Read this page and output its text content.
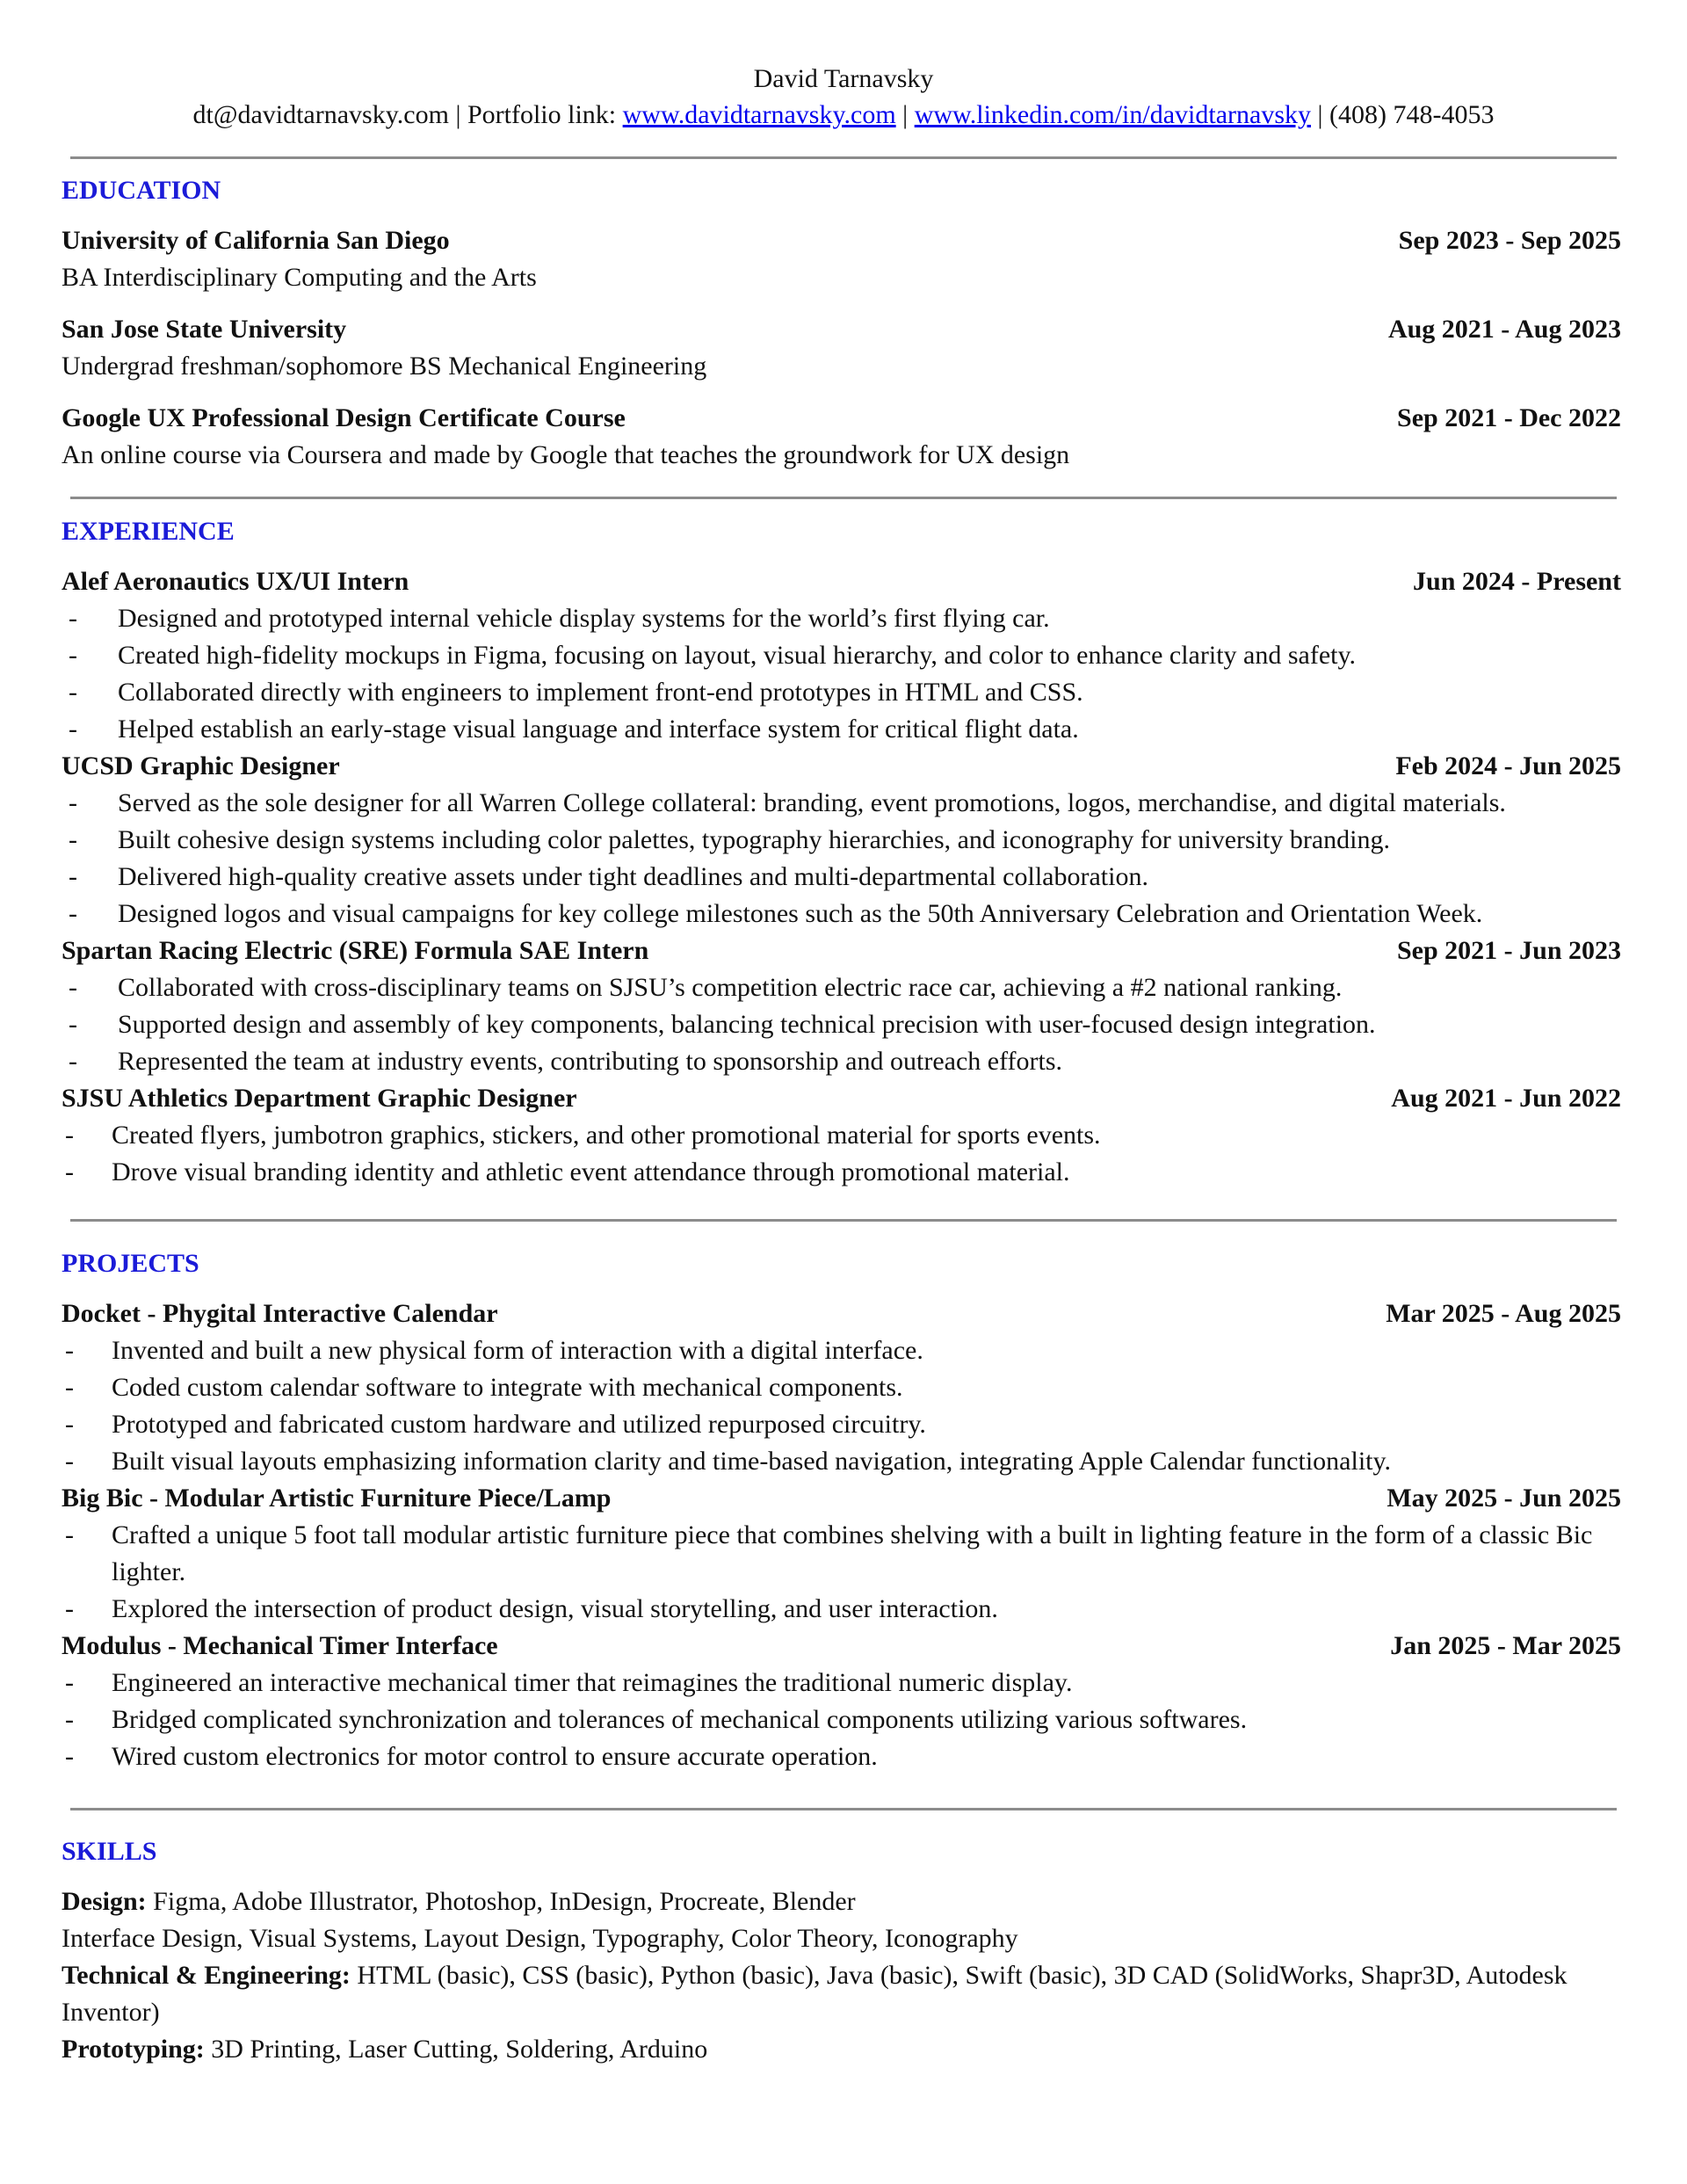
David Tarnavsky
dt@davidtarnavsky.com | Portfolio link: www.davidtarnavsky.com | www.linkedin.com/in/davidtarnavsky | (408) 748-4053
EDUCATION
University of California San Diego	Sep 2023 - Sep 2025
BA Interdisciplinary Computing and the Arts
San Jose State University	Aug 2021 - Aug 2023
Undergrad freshman/sophomore BS Mechanical Engineering
Google UX Professional Design Certificate Course	Sep 2021 - Dec 2022
An online course via Coursera and made by Google that teaches the groundwork for UX design
EXPERIENCE
Alef Aeronautics UX/UI Intern	Jun 2024 - Present
- Designed and prototyped internal vehicle display systems for the world’s first flying car.
- Created high-fidelity mockups in Figma, focusing on layout, visual hierarchy, and color to enhance clarity and safety.
- Collaborated directly with engineers to implement front-end prototypes in HTML and CSS.
- Helped establish an early-stage visual language and interface system for critical flight data.
UCSD Graphic Designer	Feb 2024 - Jun 2025
- Served as the sole designer for all Warren College collateral: branding, event promotions, logos, merchandise, and digital materials.
- Built cohesive design systems including color palettes, typography hierarchies, and iconography for university branding.
- Delivered high-quality creative assets under tight deadlines and multi-departmental collaboration.
- Designed logos and visual campaigns for key college milestones such as the 50th Anniversary Celebration and Orientation Week.
Spartan Racing Electric (SRE) Formula SAE Intern	Sep 2021 - Jun 2023
- Collaborated with cross-disciplinary teams on SJSU’s competition electric race car, achieving a #2 national ranking.
- Supported design and assembly of key components, balancing technical precision with user-focused design integration.
- Represented the team at industry events, contributing to sponsorship and outreach efforts.
SJSU Athletics Department Graphic Designer	Aug 2021 - Jun 2022
- Created flyers, jumbotron graphics, stickers, and other promotional material for sports events.
- Drove visual branding identity and athletic event attendance through promotional material.
PROJECTS
Docket - Phygital Interactive Calendar	Mar 2025 - Aug 2025
- Invented and built a new physical form of interaction with a digital interface.
- Coded custom calendar software to integrate with mechanical components.
- Prototyped and fabricated custom hardware and utilized repurposed circuitry.
- Built visual layouts emphasizing information clarity and time-based navigation, integrating Apple Calendar functionality.
Big Bic - Modular Artistic Furniture Piece/Lamp	May 2025 - Jun 2025
- Crafted a unique 5 foot tall modular artistic furniture piece that combines shelving with a built in lighting feature in the form of a classic Bic lighter.
- Explored the intersection of product design, visual storytelling, and user interaction.
Modulus - Mechanical Timer Interface	Jan 2025 - Mar 2025
- Engineered an interactive mechanical timer that reimagines the traditional numeric display.
- Bridged complicated synchronization and tolerances of mechanical components utilizing various softwares.
- Wired custom electronics for motor control to ensure accurate operation.
SKILLS
Design: Figma, Adobe Illustrator, Photoshop, InDesign, Procreate, Blender
Interface Design, Visual Systems, Layout Design, Typography, Color Theory, Iconography
Technical & Engineering: HTML (basic), CSS (basic), Python (basic), Java (basic), Swift (basic), 3D CAD (SolidWorks, Shapr3D, Autodesk Inventor)
Prototyping: 3D Printing, Laser Cutting, Soldering, Arduino
